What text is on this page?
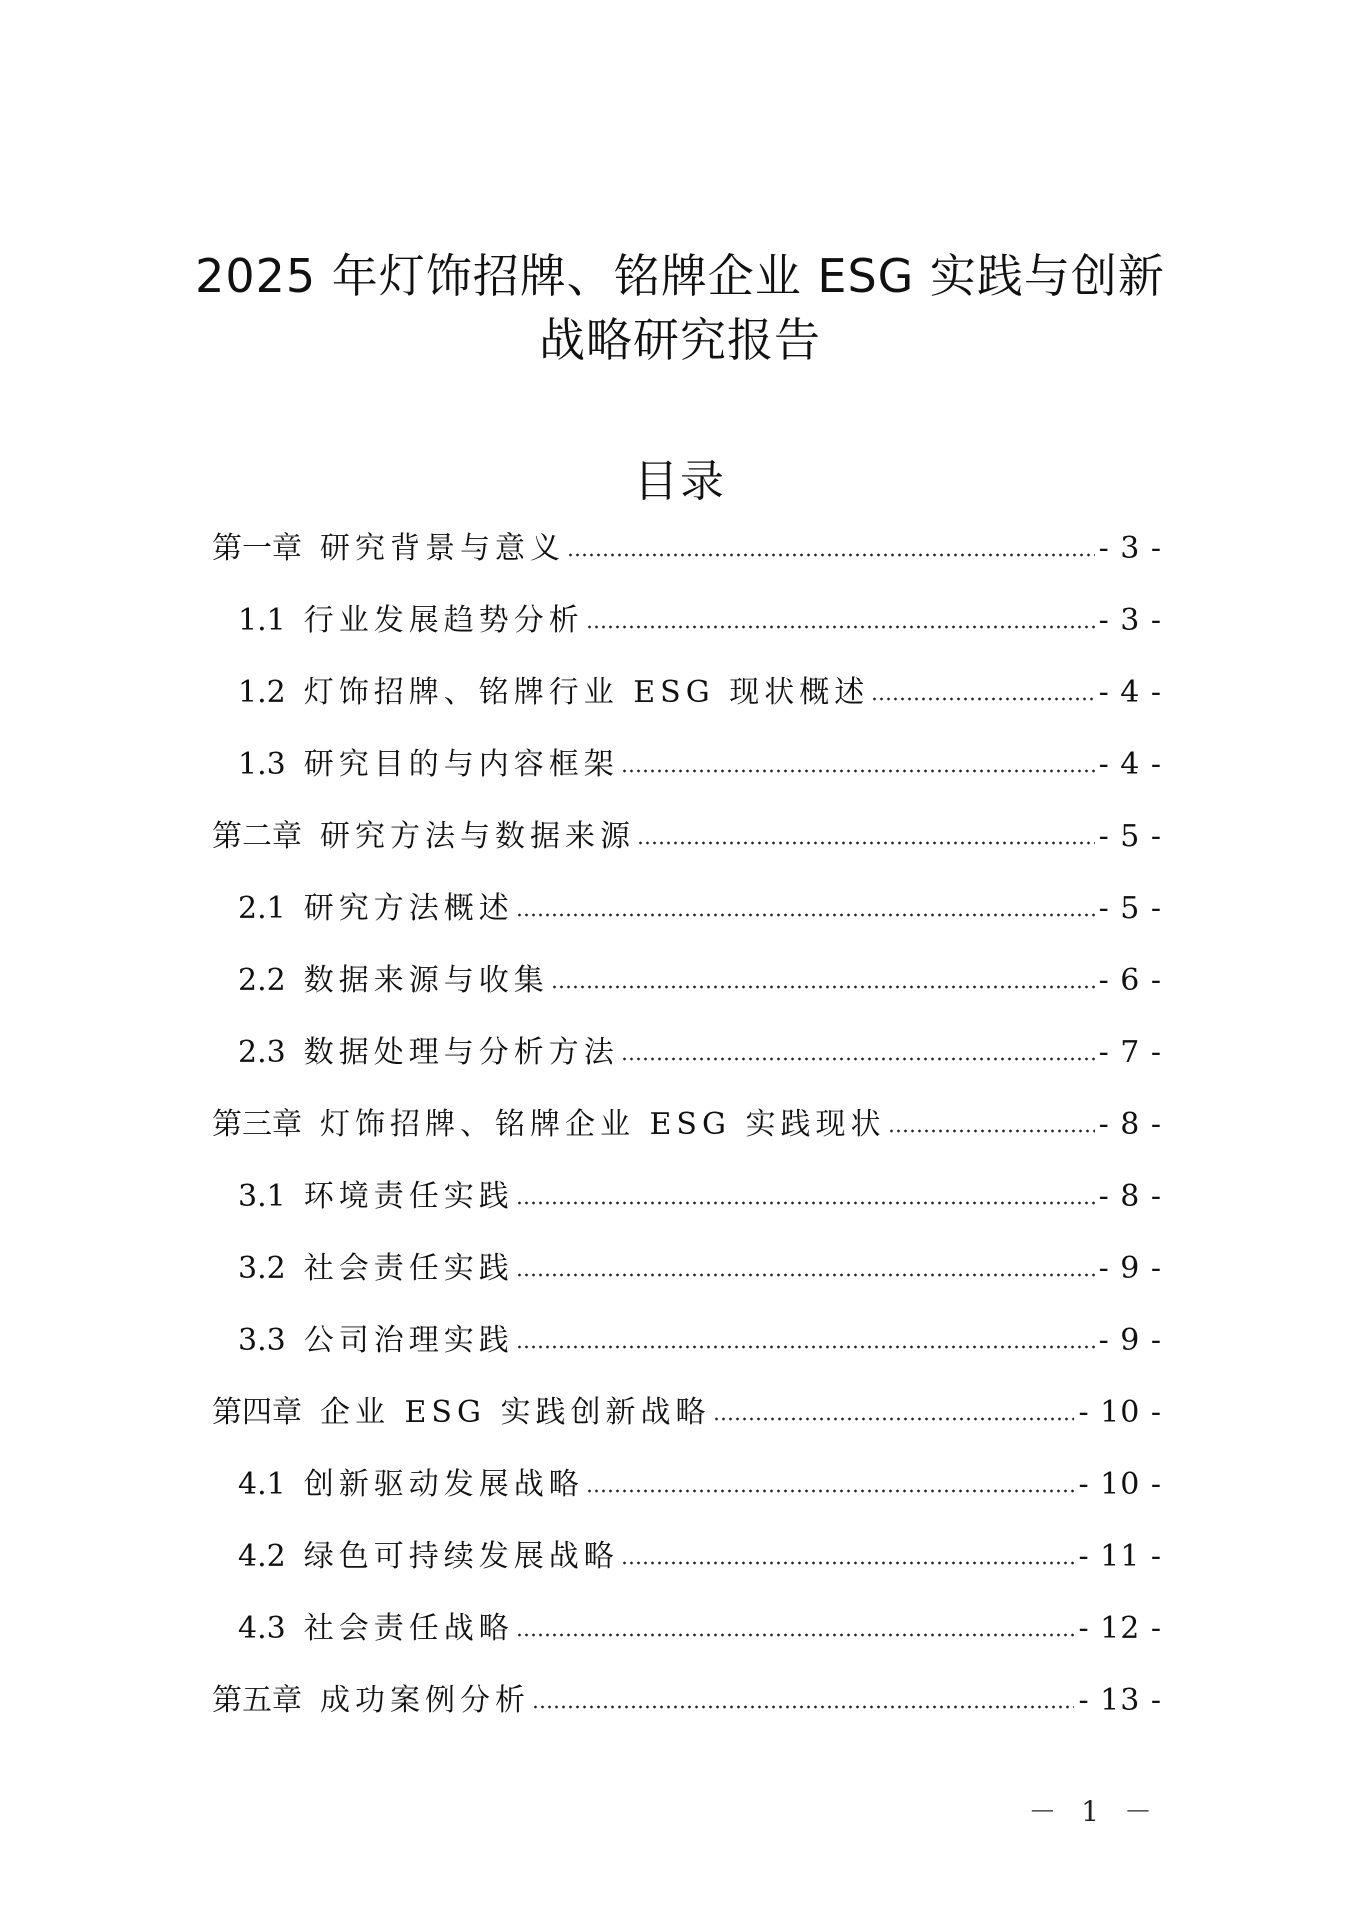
2025 年灯饰招牌、铭牌企业 ESG 实践与创新
战略研究报告
目录
第一章 研究背景与意义	- 3 -
1.1 行业发展趋势分析	- 3 -
1.2 灯饰招牌、铭牌行业 ESG 现状概述	- 4 -
1.3 研究目的与内容框架	- 4 -
第二章 研究方法与数据来源	- 5 -
2.1 研究方法概述	- 5 -
2.2 数据来源与收集	- 6 -
2.3 数据处理与分析方法	- 7 -
第三章 灯饰招牌、铭牌企业 ESG 实践现状	- 8 -
3.1 环境责任实践	- 8 -
3.2 社会责任实践	- 9 -
3.3 公司治理实践	- 9 -
第四章 企业 ESG 实践创新战略	- 10 -
4.1 创新驱动发展战略	- 10 -
4.2 绿色可持续发展战略	- 11 -
4.3 社会责任战略	- 12 -
第五章 成功案例分析	- 13 -
－ 1 －
